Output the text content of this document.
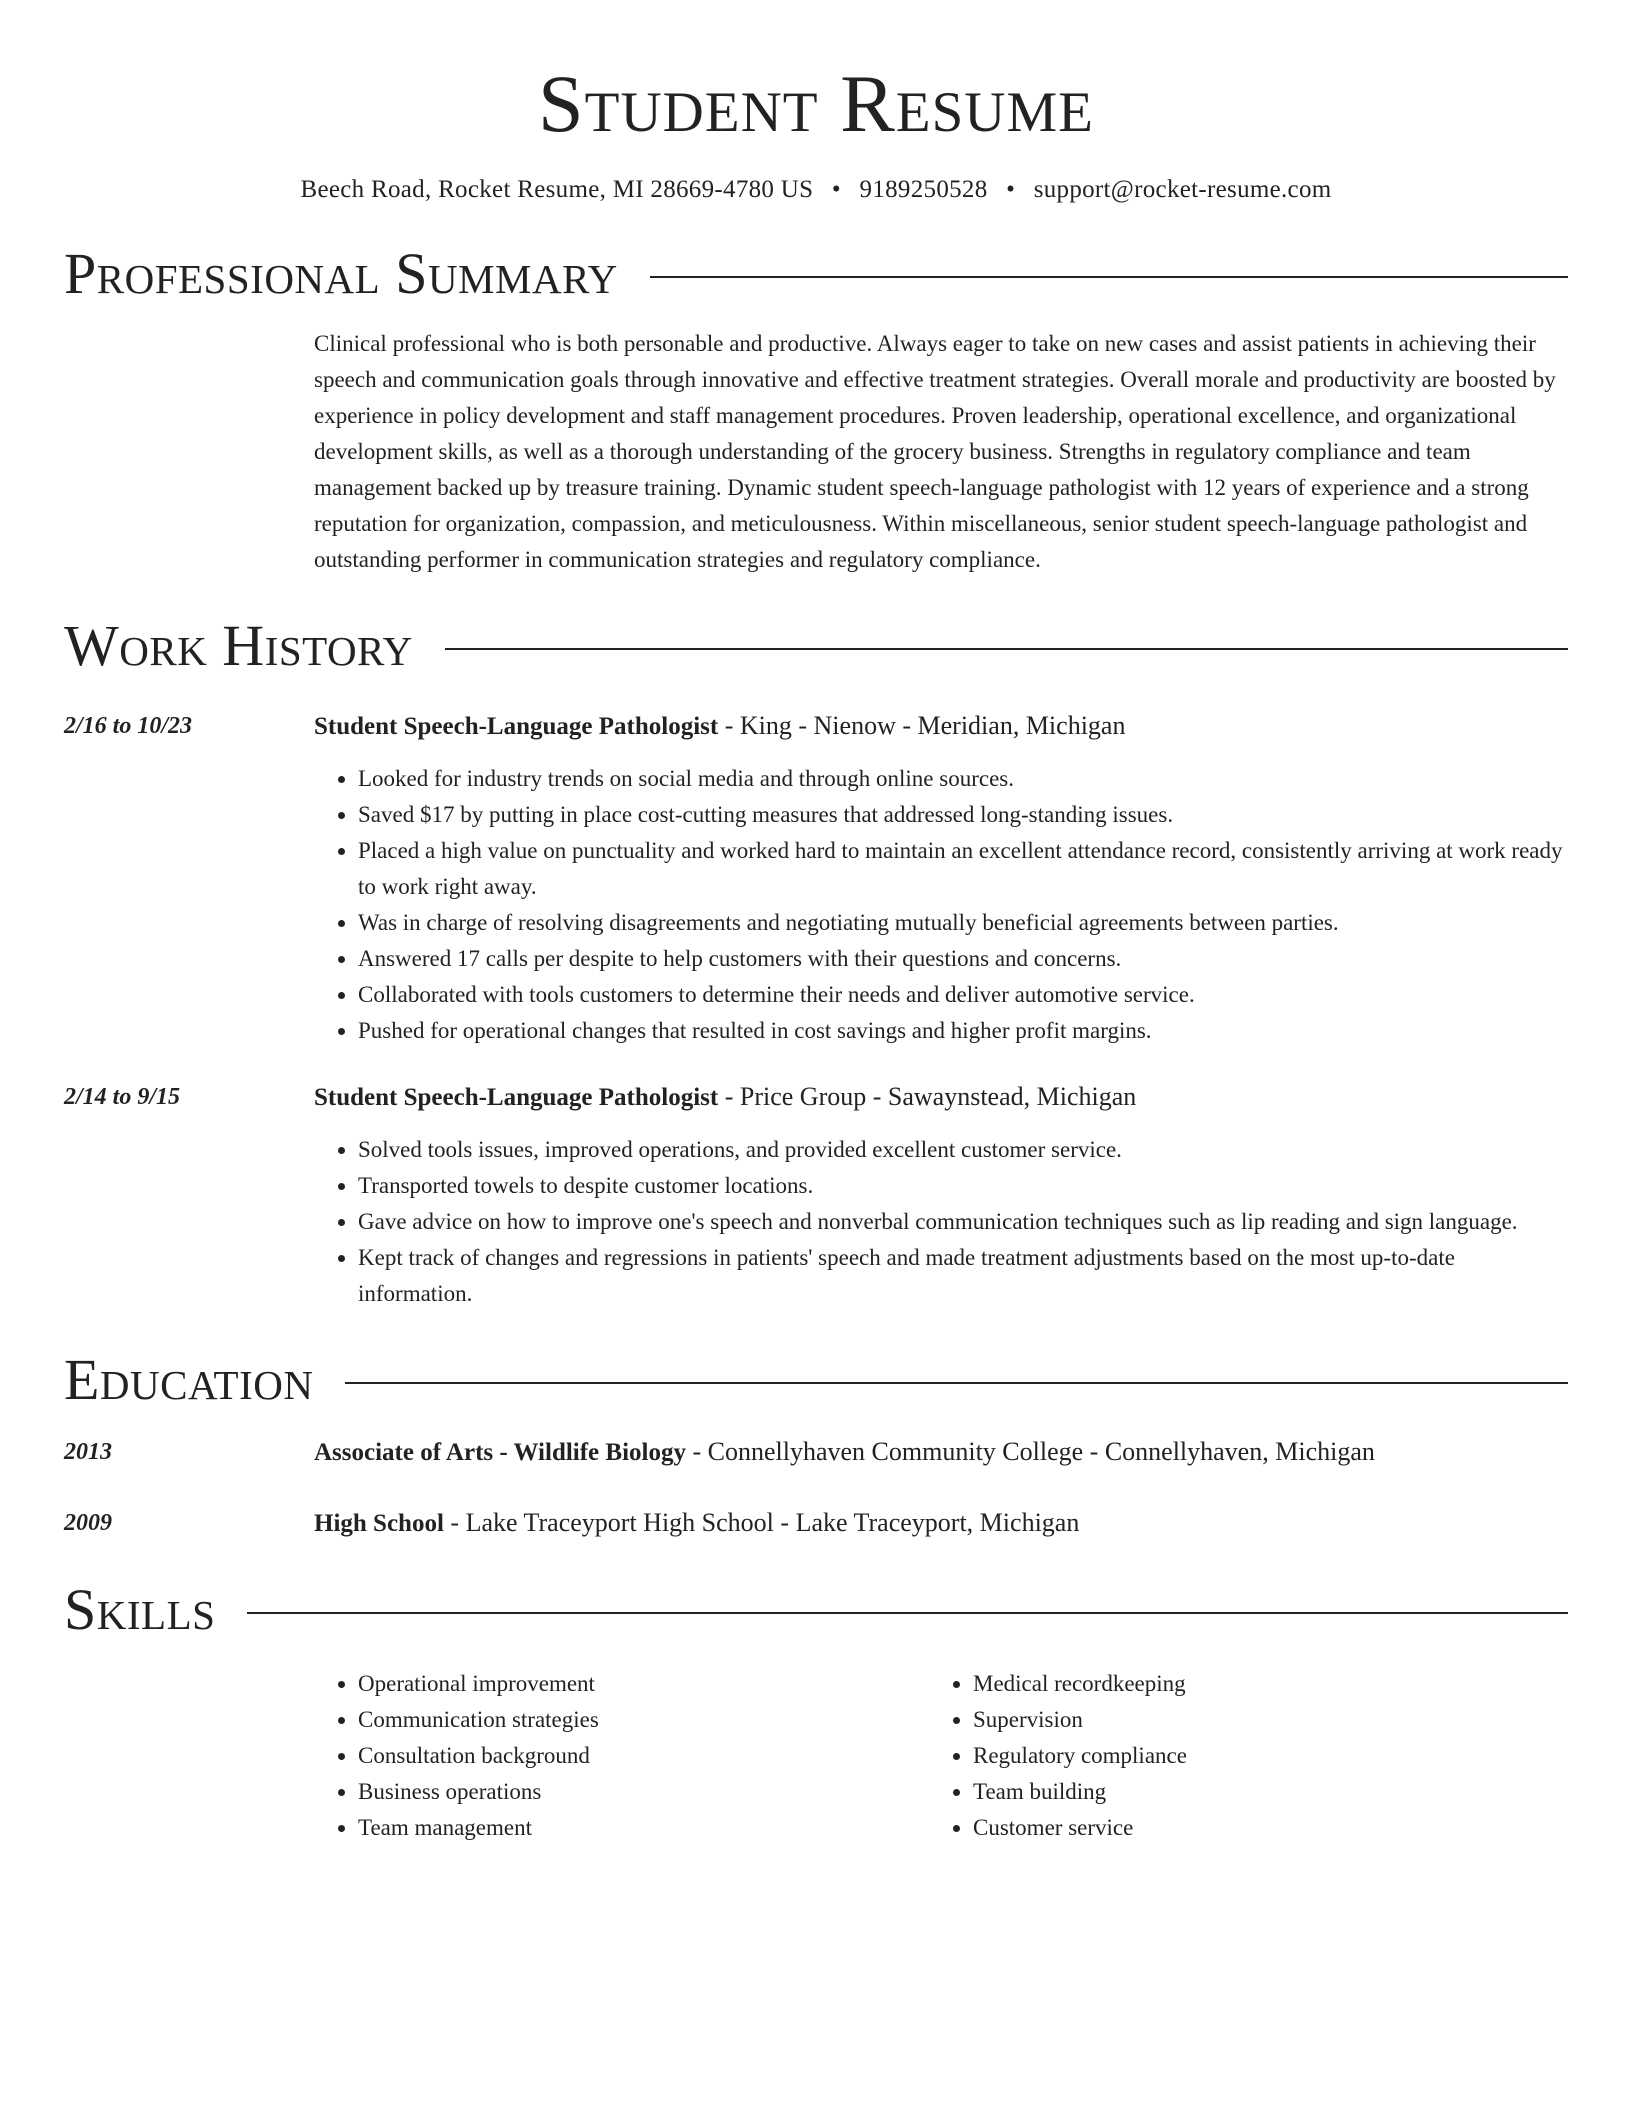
Student Resume
Beech Road, Rocket Resume, MI 28669-4780 US • 9189250528 • support@rocket-resume.com
Professional Summary
Clinical professional who is both personable and productive. Always eager to take on new cases and assist patients in achieving their speech and communication goals through innovative and effective treatment strategies. Overall morale and productivity are boosted by experience in policy development and staff management procedures. Proven leadership, operational excellence, and organizational development skills, as well as a thorough understanding of the grocery business. Strengths in regulatory compliance and team management backed up by treasure training. Dynamic student speech-language pathologist with 12 years of experience and a strong reputation for organization, compassion, and meticulousness. Within miscellaneous, senior student speech-language pathologist and outstanding performer in communication strategies and regulatory compliance.
Work History
2/16 to 10/23	Student Speech-Language Pathologist - King - Nienow - Meridian, Michigan
• Looked for industry trends on social media and through online sources.
• Saved $17 by putting in place cost-cutting measures that addressed long-standing issues.
• Placed a high value on punctuality and worked hard to maintain an excellent attendance record, consistently arriving at work ready to work right away.
• Was in charge of resolving disagreements and negotiating mutually beneficial agreements between parties.
• Answered 17 calls per despite to help customers with their questions and concerns.
• Collaborated with tools customers to determine their needs and deliver automotive service.
• Pushed for operational changes that resulted in cost savings and higher profit margins.
2/14 to 9/15	Student Speech-Language Pathologist - Price Group - Sawaynstead, Michigan
• Solved tools issues, improved operations, and provided excellent customer service.
• Transported towels to despite customer locations.
• Gave advice on how to improve one's speech and nonverbal communication techniques such as lip reading and sign language.
• Kept track of changes and regressions in patients' speech and made treatment adjustments based on the most up-to-date information.
Education
2013	Associate of Arts - Wildlife Biology - Connellyhaven Community College - Connellyhaven, Michigan
2009	High School - Lake Traceyport High School - Lake Traceyport, Michigan
Skills
• Operational improvement
• Communication strategies
• Consultation background
• Business operations
• Team management
• Medical recordkeeping
• Supervision
• Regulatory compliance
• Team building
• Customer service
